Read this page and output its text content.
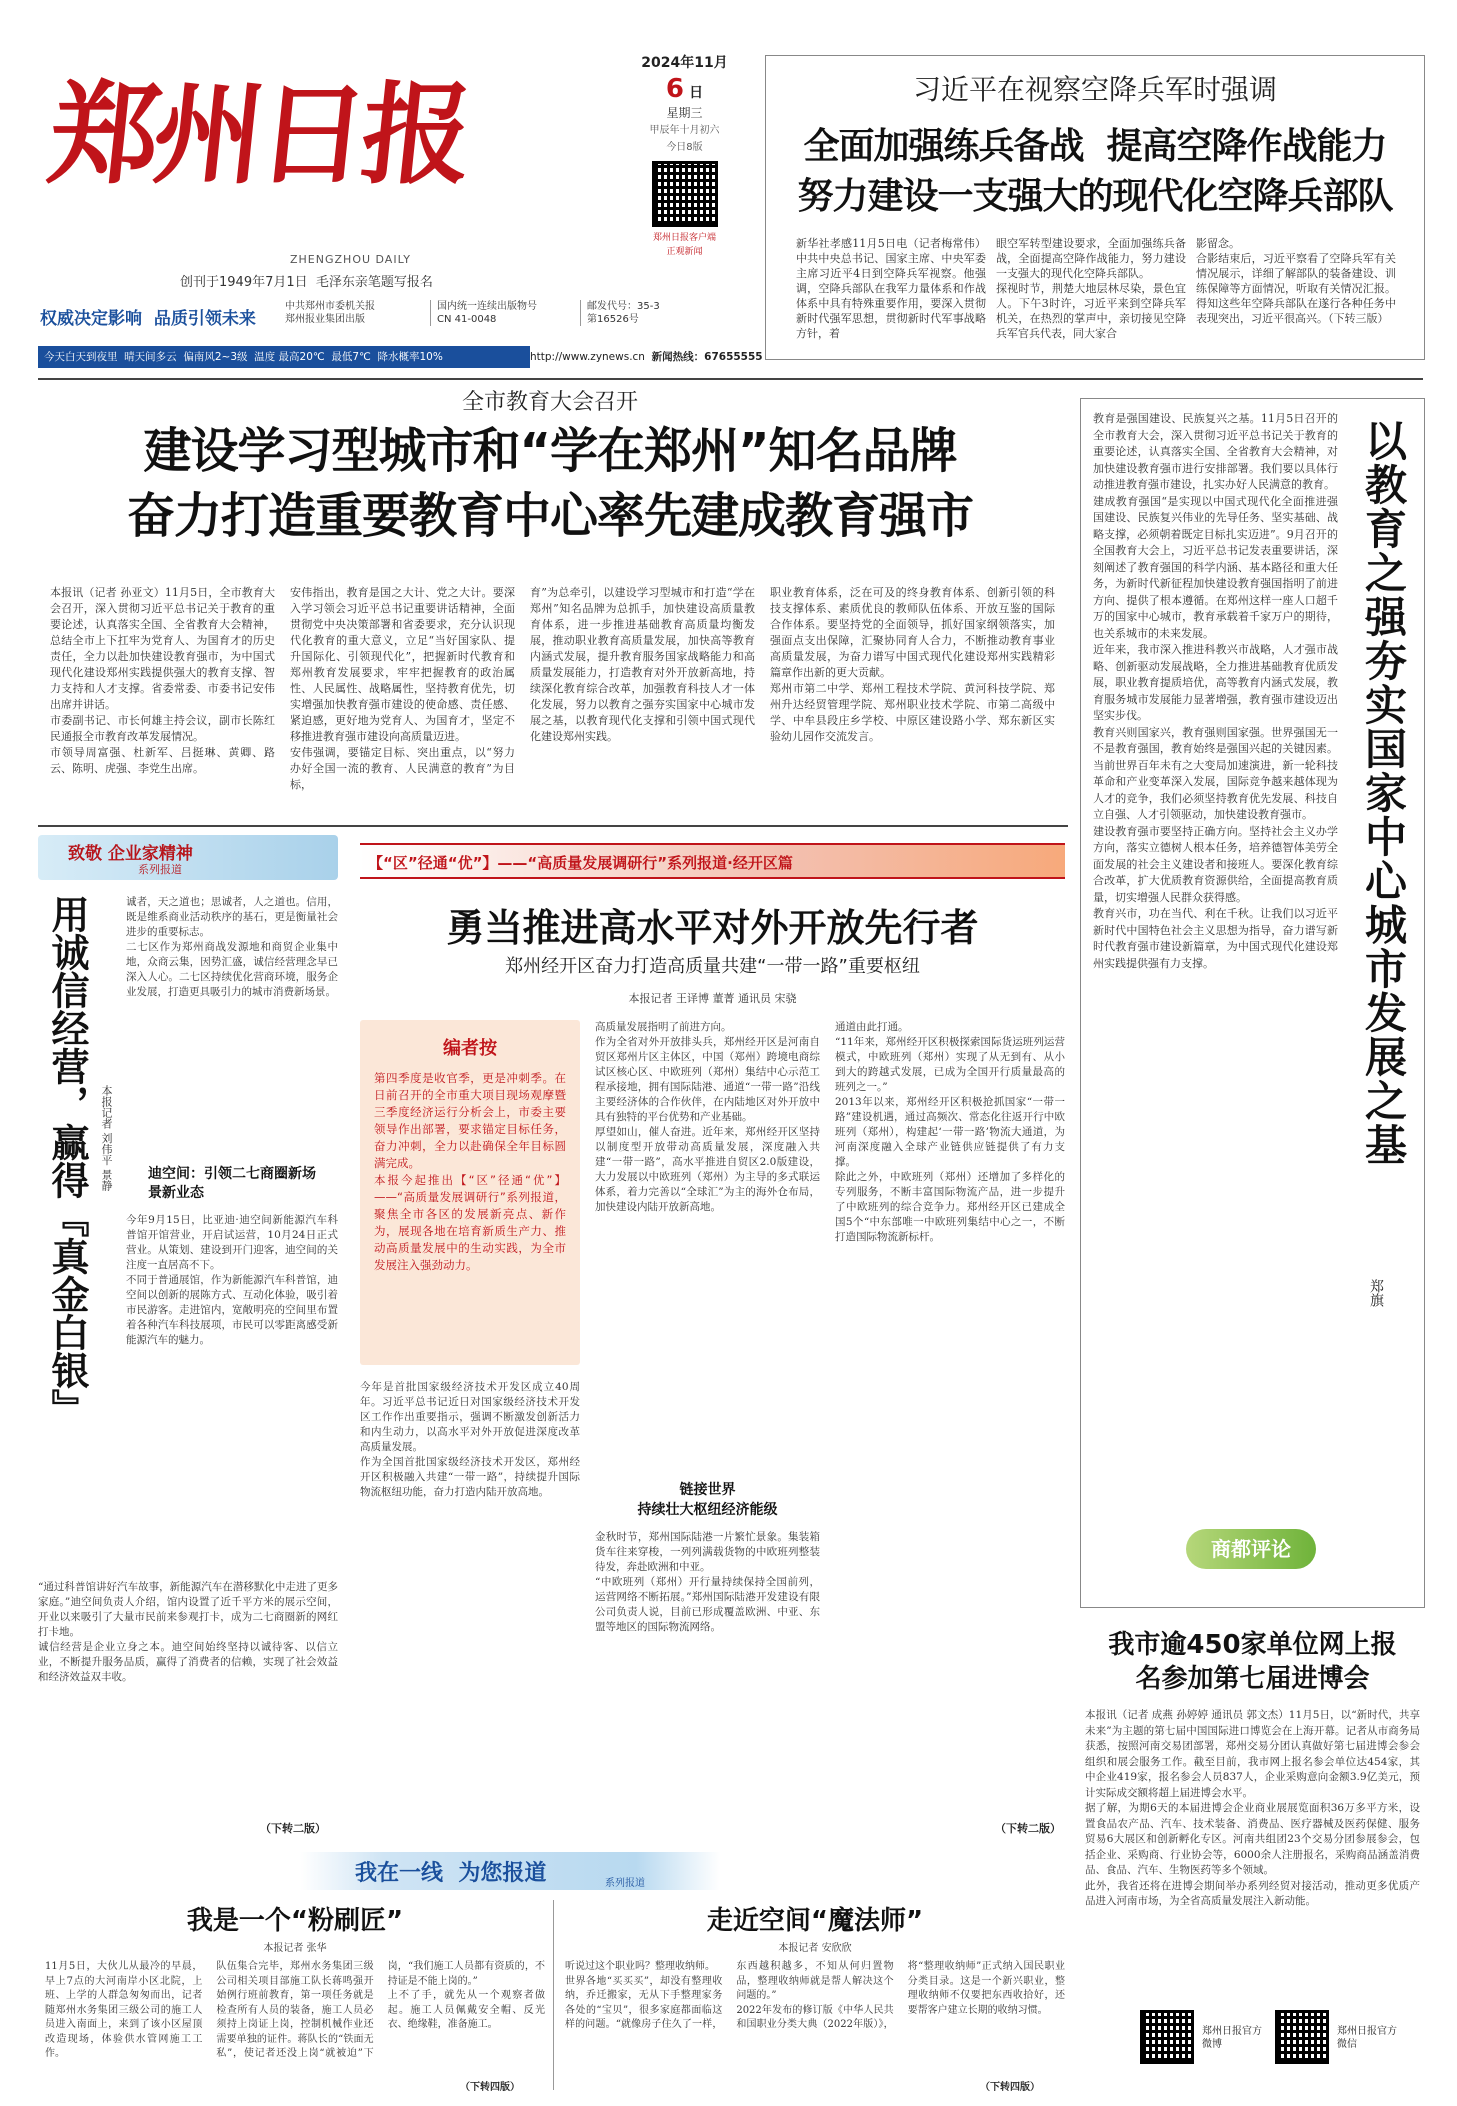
郑州日报
ZHENGZHOU DAILY
创刊于1949年7月1日 毛泽东亲笔题写报名
2024年11月
6 日
星期三
甲辰年十月初六
今日8版
郑州日报客户端
正观新闻
权威决定影响  品质引领未来
中共郑州市委机关报
郑州报业集团出版
国内统一连续出版物号
CN 41-0048
邮发代号：35-3
第16526号
今天白天到夜里  晴天间多云  偏南风2~3级  温度 最高20℃  最低7℃  降水概率10%	http://www.zynews.cn 新闻热线：67655555
习近平在视察空降兵军时强调
全面加强练兵备战  提高空降作战能力
努力建设一支强大的现代化空降兵部队
新华社孝感11月5日电（记者梅常伟）中共中央总书记、国家主席、中央军委主席习近平4日到空降兵军视察。他强调，空降兵部队在我军力量体系和作战体系中具有特殊重要作用，要深入贯彻新时代强军思想，贯彻新时代军事战略方针，着
眼空军转型建设要求，全面加强练兵备战，全面提高空降作战能力，努力建设一支强大的现代化空降兵部队。
探视时节，荆楚大地层林尽染，景色宜人。下午3时许，习近平来到空降兵军机关，在热烈的掌声中，亲切接见空降兵军官兵代表，同大家合
影留念。
合影结束后，习近平察看了空降兵军有关情况展示，详细了解部队的装备建设、训练保障等方面情况，听取有关情况汇报。得知这些年空降兵部队在遂行各种任务中表现突出，习近平很高兴。（下转三版）
全市教育大会召开
建设学习型城市和“学在郑州”知名品牌
奋力打造重要教育中心率先建成教育强市
本报讯（记者 孙亚文）11月5日，全市教育大会召开，深入贯彻习近平总书记关于教育的重要论述，认真落实全国、全省教育大会精神，总结全市上下扛牢为党育人、为国育才的历史责任，全力以赴加快建设教育强市，为中国式现代化建设郑州实践提供强大的教育支撑、智力支持和人才支撑。省委常委、市委书记安伟出席并讲话。
市委副书记、市长何雄主持会议，副市长陈红民通报全市教育改革发展情况。
市领导周富强、杜新军、吕挺琳、黄卿、路云、陈明、虎强、李党生出席。
安伟指出，教育是国之大计、党之大计。要深入学习领会习近平总书记重要讲话精神，全面贯彻党中央决策部署和省委要求，充分认识现代化教育的重大意义，立足“当好国家队、提升国际化、引领现代化”，把握新时代教育和郑州教育发展要求，牢牢把握教育的政治属性、人民属性、战略属性，坚持教育优先，切实增强加快教育强市建设的使命感、责任感、紧迫感，更好地为党育人、为国育才，坚定不移推进教育强市建设向高质量迈进。
安伟强调，要锚定目标、突出重点，以“努力办好全国一流的教育、人民满意的教育”为目标，
育”为总牵引，以建设学习型城市和打造“学在郑州”知名品牌为总抓手，加快建设高质量教育体系，进一步推进基础教育高质量均衡发展，推动职业教育高质量发展，加快高等教育内涵式发展，提升教育服务国家战略能力和高质量发展能力，打造教育对外开放新高地，持续深化教育综合改革，加强教育科技人才一体化发展，努力以教育之强夯实国家中心城市发展之基，以教育现代化支撑和引领中国式现代化建设郑州实践。
职业教育体系，泛在可及的终身教育体系、创新引领的科技支撑体系、素质优良的教师队伍体系、开放互鉴的国际合作体系。要坚持党的全面领导，抓好国家纲领落实，加强面点支出保障，汇聚协同育人合力，不断推动教育事业高质量发展，为奋力谱写中国式现代化建设郑州实践精彩篇章作出新的更大贡献。
郑州市第二中学、郑州工程技术学院、黄河科技学院、郑州升达经贸管理学院、郑州职业技术学院、市第二高级中学、中牟县段庄乡学校、中原区建设路小学、郑东新区实验幼儿园作交流发言。
教育是强国建设、民族复兴之基。11月5日召开的全市教育大会，深入贯彻习近平总书记关于教育的重要论述，认真落实全国、全省教育大会精神，对加快建设教育强市进行安排部署。我们要以具体行动推进教育强市建设，扎实办好人民满意的教育。
建成教育强国“是实现以中国式现代化全面推进强国建设、民族复兴伟业的先导任务、坚实基础、战略支撑，必须朝着既定目标扎实迈进”。9月召开的全国教育大会上，习近平总书记发表重要讲话，深刻阐述了教育强国的科学内涵、基本路径和重大任务，为新时代新征程加快建设教育强国指明了前进方向、提供了根本遵循。在郑州这样一座人口超千万的国家中心城市，教育承载着千家万户的期待，也关系城市的未来发展。
近年来，我市深入推进科教兴市战略，人才强市战略、创新驱动发展战略，全力推进基础教育优质发展，职业教育提质培优，高等教育内涵式发展，教育服务城市发展能力显著增强，教育强市建设迈出坚实步伐。
教育兴则国家兴，教育强则国家强。世界强国无一不是教育强国，教育始终是强国兴起的关键因素。当前世界百年未有之大变局加速演进，新一轮科技革命和产业变革深入发展，国际竞争越来越体现为人才的竞争，我们必须坚持教育优先发展、科技自立自强、人才引领驱动，加快建设教育强市。
建设教育强市要坚持正确方向。坚持社会主义办学方向，落实立德树人根本任务，培养德智体美劳全面发展的社会主义建设者和接班人。要深化教育综合改革，扩大优质教育资源供给，全面提高教育质量，切实增强人民群众获得感。
教育兴市，功在当代、利在千秋。让我们以习近平新时代中国特色社会主义思想为指导，奋力谱写新时代教育强市建设新篇章，为中国式现代化建设郑州实践提供强有力支撑。	以教育之强夯实国家中心城市发展之基
郑旗
商都评论
致敬 企业家精神
系列报道
用诚信经营，赢得『真金白银』	本报记者 刘伟平 景静
诚者，天之道也；思诚者，人之道也。信用，既是维系商业活动秩序的基石，更是衡量社会进步的重要标志。
二七区作为郑州商战发源地和商贸企业集中地，众商云集，因势汇盛，诚信经营理念早已深入人心。二七区持续优化营商环境，服务企业发展，打造更具吸引力的城市消费新场景。
迪空间：引领二七商圈新场景新业态
今年9月15日，比亚迪·迪空间新能源汽车科普馆开馆营业，开启试运营，10月24日正式营业。从策划、建设到开门迎客，迪空间的关注度一直居高不下。
不同于普通展馆，作为新能源汽车科普馆，迪空间以创新的展陈方式、互动化体验，吸引着市民游客。走进馆内，宽敞明亮的空间里布置着各种汽车科技展项，市民可以零距离感受新能源汽车的魅力。
“通过科普馆讲好汽车故事，新能源汽车在潜移默化中走进了更多家庭。”迪空间负责人介绍，馆内设置了近千平方米的展示空间，开业以来吸引了大量市民前来参观打卡，成为二七商圈新的网红打卡地。
诚信经营是企业立身之本。迪空间始终坚持以诚待客、以信立业，不断提升服务品质，赢得了消费者的信赖，实现了社会效益和经济效益双丰收。
（下转二版）
【“区”径通“优”】——“高质量发展调研行”系列报道·经开区篇
勇当推进高水平对外开放先行者
郑州经开区奋力打造高质量共建“一带一路”重要枢纽
本报记者 王译博 董菁 通讯员 宋骁
编者按
第四季度是收官季，更是冲刺季。在日前召开的全市重大项目现场观摩暨三季度经济运行分析会上，市委主要领导作出部署，要求锚定目标任务，奋力冲刺，全力以赴确保全年目标圆满完成。
本报今起推出【“区”径通“优”】——“高质量发展调研行”系列报道，聚焦全市各区的发展新亮点、新作为，展现各地在培育新质生产力、推动高质量发展中的生动实践，为全市发展注入强劲动力。
今年是首批国家级经济技术开发区成立40周年。习近平总书记近日对国家级经济技术开发区工作作出重要指示，强调不断激发创新活力和内生动力，以高水平对外开放促进深度改革高质量发展。
作为全国首批国家级经济技术开发区，郑州经开区积极融入共建“一带一路”，持续提升国际物流枢纽功能，奋力打造内陆开放高地。
高质量发展指明了前进方向。
作为全省对外开放排头兵，郑州经开区是河南自贸区郑州片区主体区，中国（郑州）跨境电商综试区核心区、中欧班列（郑州）集结中心示范工程承接地，拥有国际陆港、通道“一带一路”沿线主要经济体的合作伙伴，在内陆地区对外开放中具有独特的平台优势和产业基础。
厚望如山，催人奋进。近年来，郑州经开区坚持以制度型开放带动高质量发展，深度融入共建“一带一路”，高水平推进自贸区2.0版建设，大力发展以中欧班列（郑州）为主导的多式联运体系，着力完善以“全球汇”为主的海外仓布局，加快建设内陆开放新高地。
链接世界
持续壮大枢纽经济能级
金秋时节，郑州国际陆港一片繁忙景象。集装箱货车往来穿梭，一列列满载货物的中欧班列整装待发，奔赴欧洲和中亚。
“中欧班列（郑州）开行量持续保持全国前列，运营网络不断拓展。”郑州国际陆港开发建设有限公司负责人说，目前已形成覆盖欧洲、中亚、东盟等地区的国际物流网络。
通道由此打通。
“11年来，郑州经开区积极探索国际货运班列运营模式，中欧班列（郑州）实现了从无到有、从小到大的跨越式发展，已成为全国开行质量最高的班列之一。”
2013年以来，郑州经开区积极抢抓国家“一带一路”建设机遇，通过高频次、常态化往返开行中欧班列（郑州），构建起‘一带一路’物流大通道，为河南深度融入全球产业链供应链提供了有力支撑。
除此之外，中欧班列（郑州）还增加了多样化的专列服务，不断丰富国际物流产品，进一步提升了中欧班列的综合竞争力。郑州经开区已建成全国5个“中东部唯一中欧班列集结中心之一，不断打造国际物流新标杆。
（下转二版）
我市逾450家单位网上报名参加第七届进博会
本报讯（记者 成燕 孙婷婷 通讯员 郭文杰）11月5日，以“新时代，共享未来”为主题的第七届中国国际进口博览会在上海开幕。记者从市商务局获悉，按照河南交易团部署，郑州交易分团认真做好第七届进博会参会组织和展会服务工作。截至目前，我市网上报名参会单位达454家，其中企业419家，报名参会人员837人，企业采购意向金额3.9亿美元，预计实际成交额将超上届进博会水平。
据了解，为期6天的本届进博会企业商业展展览面积36万多平方米，设置食品农产品、汽车、技术装备、消费品、医疗器械及医药保健、服务贸易6大展区和创新孵化专区。河南共组团23个交易分团参展参会，包括企业、采购商、行业协会等，6000余人注册报名，采购商品涵盖消费品、食品、汽车、生物医药等多个领域。
此外，我省还将在进博会期间举办系列经贸对接活动，推动更多优质产品进入河南市场，为全省高质量发展注入新动能。
郑州日报官方微博
郑州日报官方微信
我在一线  为您报道	系列报道
我是一个“粉刷匠”
本报记者 张华
11月5日，大伙儿从最冷的早晨，早上7点的大河南岸小区北院，上班、上学的人群急匆匆而出，记者随郑州水务集团三级公司的施工人员进入南面上，来到了该小区屋顶改造现场，体验供水管网施工工作。
队伍集合完毕，郑州水务集团三级公司相关项目部施工队长蒋鸣强开始例行班前教育，第一项任务就是检查所有人员的装备，施工人员必须持上岗证上岗，控制机械作业还需要单独的证件。蒋队长的“铁面无私”，使记者还没上岗“就被迫”下岗，“我们施工人员都有资质的，不持证是不能上岗的。”
上不了手，就先从一个观察者做起。施工人员佩戴安全帽、反光衣、绝缘鞋，准备施工。
（下转四版）
走近空间“魔法师”
本报记者 安欣欣
听说过这个职业吗？整理收纳师。
世界各地“买买买”，却没有整理收纳，乔迁搬家，无从下手整理家务各处的“宝贝”，很多家庭都面临这样的问题。“就像房子住久了一样，东西越积越多，不知从何归置物品，整理收纳师就是帮人解决这个问题的。”
2022年发布的修订版《中华人民共和国职业分类大典（2022年版）》，将“整理收纳师”正式纳入国民职业分类目录。这是一个新兴职业，整理收纳师不仅要把东西收拾好，还要帮客户建立长期的收纳习惯。
（下转四版）
